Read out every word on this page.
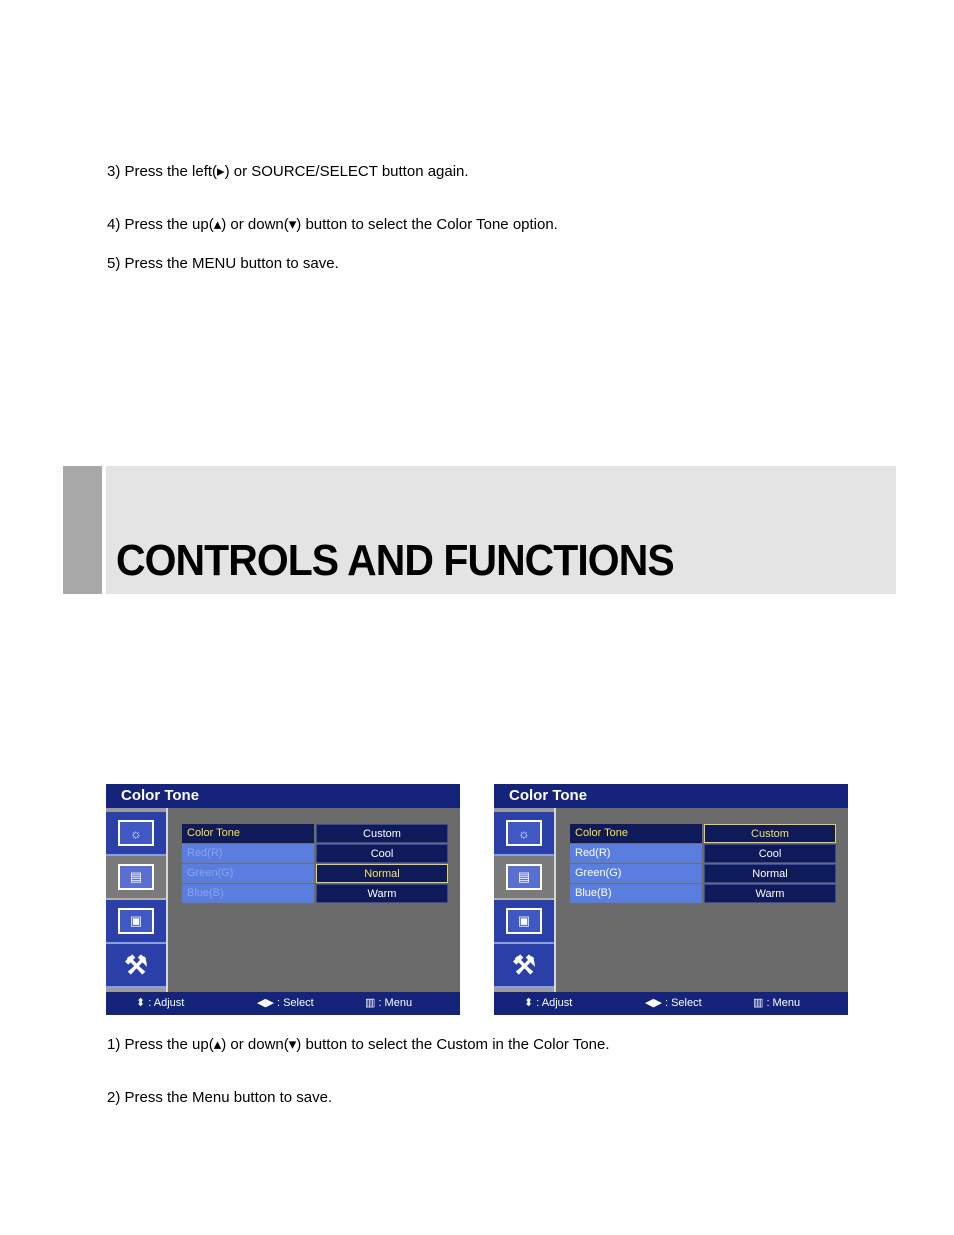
3) Press the left(▸) or SOURCE/SELECT button again.
4) Press the up(▴) or down(▾) button to select the Color Tone option.
5) Press the MENU button to save.
CONTROLS AND FUNCTIONS
Color Tone
☼
▤
▣
⚒
Color Tone	Custom
Red(R)	Cool
Green(G)	Normal
Blue(B)	Warm
⬍ : Adjust	◀▶ : Select	▥ : Menu
Color Tone
☼
▤
▣
⚒
Color Tone	Custom
Red(R)	Cool
Green(G)	Normal
Blue(B)	Warm
⬍ : Adjust	◀▶ : Select	▥ : Menu
1) Press the up(▴) or down(▾) button to select the Custom in the Color Tone.
2) Press the Menu button to save.
